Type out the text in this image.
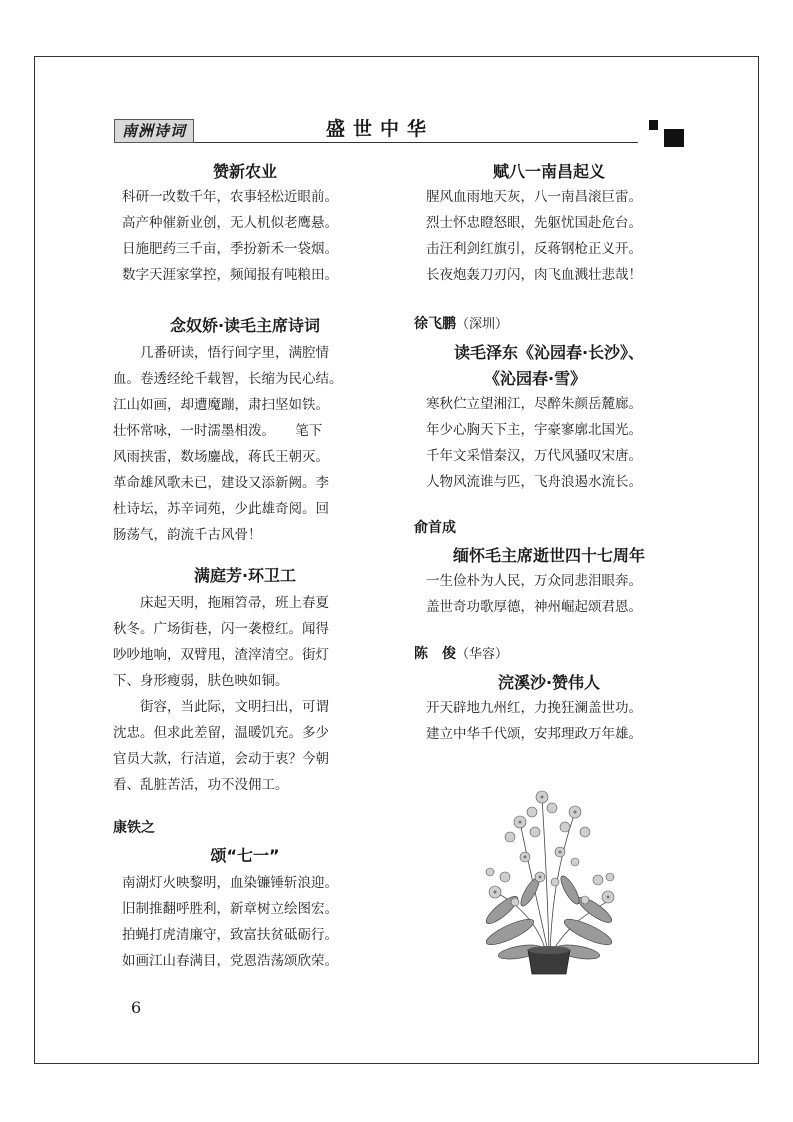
南洲诗词	盛世中华
赞新农业
科研一改数千年，农事轻松近眼前。
高产种催新业创，无人机似老鹰悬。
日施肥药三千亩，季扮新禾一袋烟。
数字天涯家掌控，频闻报有吨粮田。
念奴娇·读毛主席诗词
几番研读，悟行间字里，满腔情
血。卷透经纶千载智，长缩为民心结。
江山如画，却遭魔蹦，肃扫坚如铁。
壮怀常咏，一时濡墨相泼。　　笔下
风雨挟雷，数场鏖战，蒋氏王朝灭。
革命雄风歌未已，建设又添新阙。李
杜诗坛，苏辛词苑，少此雄奇阅。回
肠荡气，韵流千古风骨！
满庭芳·环卫工
床起天明，拖厢笤帚，班上春夏
秋冬。广场街巷，闪一袭橙红。闻得
吵吵地响，双臂甩，渣滓清空。街灯
下、身形瘦弱，肤色映如铜。
街容，当此际，文明扫出，可谓
沈忠。但求此差留，温暖饥充。多少
官员大款，行洁道，会动于衷？今朝
看、乱脏苦活，功不没佣工。
康铁之
颂“七一”
南湖灯火映黎明，血染镰锤斩浪迎。
旧制推翻呼胜利，新章树立绘图宏。
拍蝇打虎清廉守，致富扶贫砥砺行。
如画江山春满目，党恩浩荡颂欣荣。
赋八一南昌起义
腥风血雨地天灰，八一南昌滚巨雷。
烈士怀忠瞪怒眼，先躯忧国赴危台。
击汪利剑红旗引，反蒋钢枪正义开。
长夜炮轰刀刃闪，肉飞血溅壮悲哉！
徐飞鹏（深圳）
读毛泽东《沁园春·长沙》、
《沁园春·雪》
寒秋伫立望湘江，尽醉朱颜岳麓廊。
年少心胸天下主，宇豪寥廓北国光。
千年文采惜秦汉，万代风骚叹宋唐。
人物风流谁与匹，飞舟浪遏水流长。
俞首成
缅怀毛主席逝世四十七周年
一生俭朴为人民，万众同悲泪眼奔。
盖世奇功歌厚德，神州崛起颂君恩。
陈　俊（华容）
浣溪沙·赞伟人
开天辟地九州红，力挽狂澜盖世功。
建立中华千代颂，安邦理政万年雄。
6
